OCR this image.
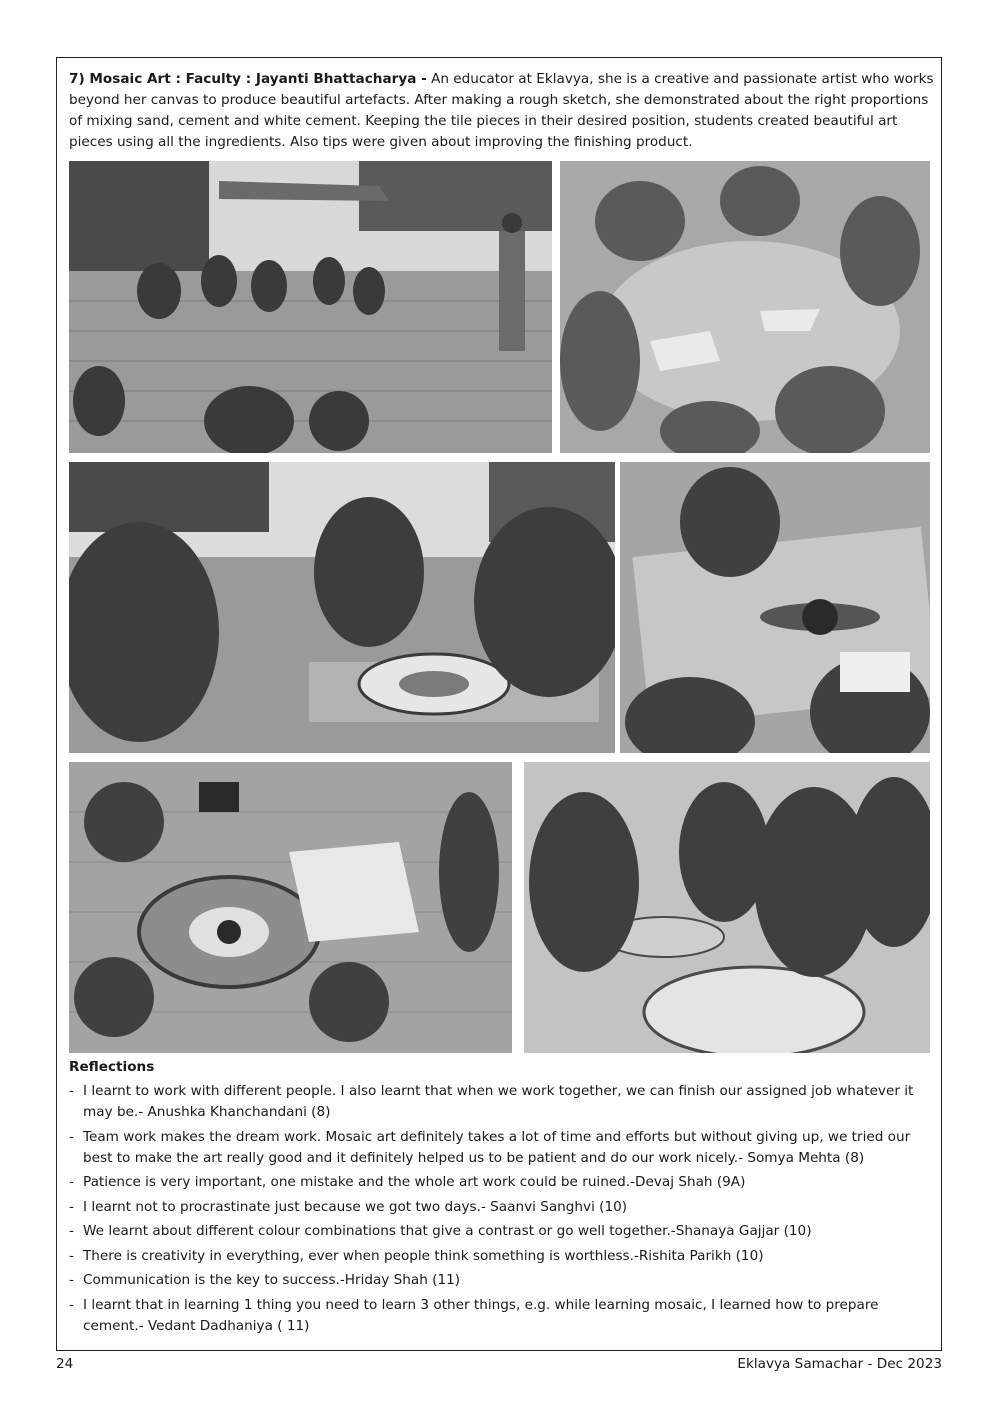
7) Mosaic Art : Faculty : Jayanti Bhattacharya - An educator at Eklavya, she is a creative and passionate artist who works beyond her canvas to produce beautiful artefacts. After making a rough sketch, she demonstrated about the right proportions of mixing sand, cement and white cement. Keeping the tile pieces in their desired position, students created beautiful art pieces using all the ingredients. Also tips were given about improving the finishing product.

Reflections

- I learnt to work with different people. I also learnt that when we work together, we can finish our assigned job whatever it may be.- Anushka Khanchandani (8)
- Team work makes the dream work. Mosaic art definitely takes a lot of time and efforts but without giving up, we tried our best to make the art really good and it definitely helped us to be patient and do our work nicely.- Somya Mehta (8)
- Patience is very important, one mistake and the whole art work could be ruined.-Devaj Shah (9A)
- I learnt not to procrastinate just because we got two days.- Saanvi Sanghvi (10)
- We learnt about different colour combinations that give a contrast or go well together.-Shanaya Gajjar (10)
- There is creativity in everything, ever when people think something is worthless.-Rishita Parikh (10)
- Communication is the key to success.-Hriday Shah (11)
- I learnt that in learning 1 thing you need to learn 3 other things, e.g. while learning mosaic, I learned how to prepare cement.- Vedant Dadhaniya ( 11)
24	Eklavya Samachar - Dec 2023
